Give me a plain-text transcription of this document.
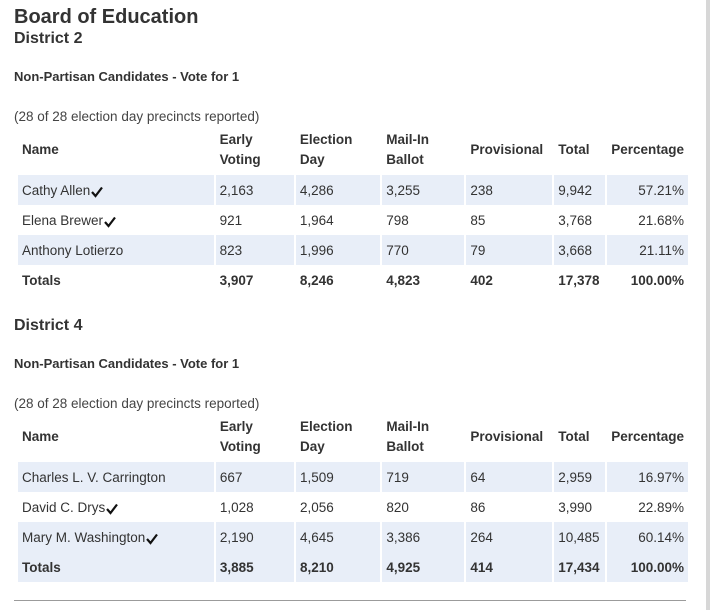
Board of Education
District 2
Non-Partisan Candidates - Vote for 1
(28 of 28 election day precincts reported)
Name	Early Voting	Election Day	Mail-In Ballot	Provisional	Total	Percentage
Cathy Allen	2,163	4,286	3,255	238	9,942	57.21%
Elena Brewer	921	1,964	798	85	3,768	21.68%
Anthony Lotierzo	823	1,996	770	79	3,668	21.11%
Totals	3,907	8,246	4,823	402	17,378	100.00%
District 4
Non-Partisan Candidates - Vote for 1
(28 of 28 election day precincts reported)
Name	Early Voting	Election Day	Mail-In Ballot	Provisional	Total	Percentage
Charles L. V. Carrington	667	1,509	719	64	2,959	16.97%
David C. Drys	1,028	2,056	820	86	3,990	22.89%
Mary M. Washington	2,190	4,645	3,386	264	10,485	60.14%
Totals	3,885	8,210	4,925	414	17,434	100.00%
